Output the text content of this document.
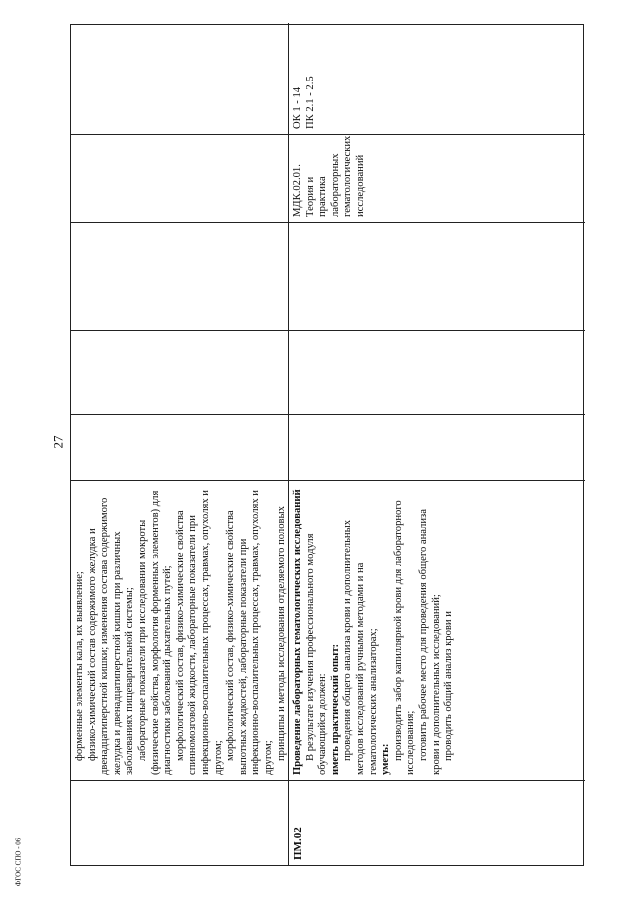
27
ФГОС СПО - 06

форменные элементы кала, их выявление; физико-химический состав содержимого желудка и двенадцатиперстной кишки; изменения состава содержимого желудка и двенадцатиперстной кишки при различных заболеваниях пищеварительной системы; лабораторные показатели при исследовании мокроты (физические свойства, морфология форменных элементов) для диагностики заболеваний дыхательных путей; морфологический состав, физико-химические свойства спинномозговой жидкости, лабораторные показатели при инфекционно-воспалительных процессах, травмах, опухолях и другом; морфологический состав, физико-химические свойства выпотных жидкостей, лабораторные показатели при инфекционно-воспалительных процессах, травмах, опухолях и другом; принципы и методы исследования отделяемого половых

ПМ.02

Проведение лабораторных гематологических исследований В результате изучения профессионального модуля обучающийся должен: иметь практический опыт: проведения общего анализа крови и дополнительных методов исследований ручными методами и на гематологических анализаторах; уметь: производить забор капиллярной крови для лабораторного исследования; готовить рабочее место для проведения общего анализа крови и дополнительных исследований; проводить общий анализ крови и

МДК.02.01. Теория и практика лабораторных гематологических исследований

ОК 1 - 14 ПК 2.1 - 2.5
